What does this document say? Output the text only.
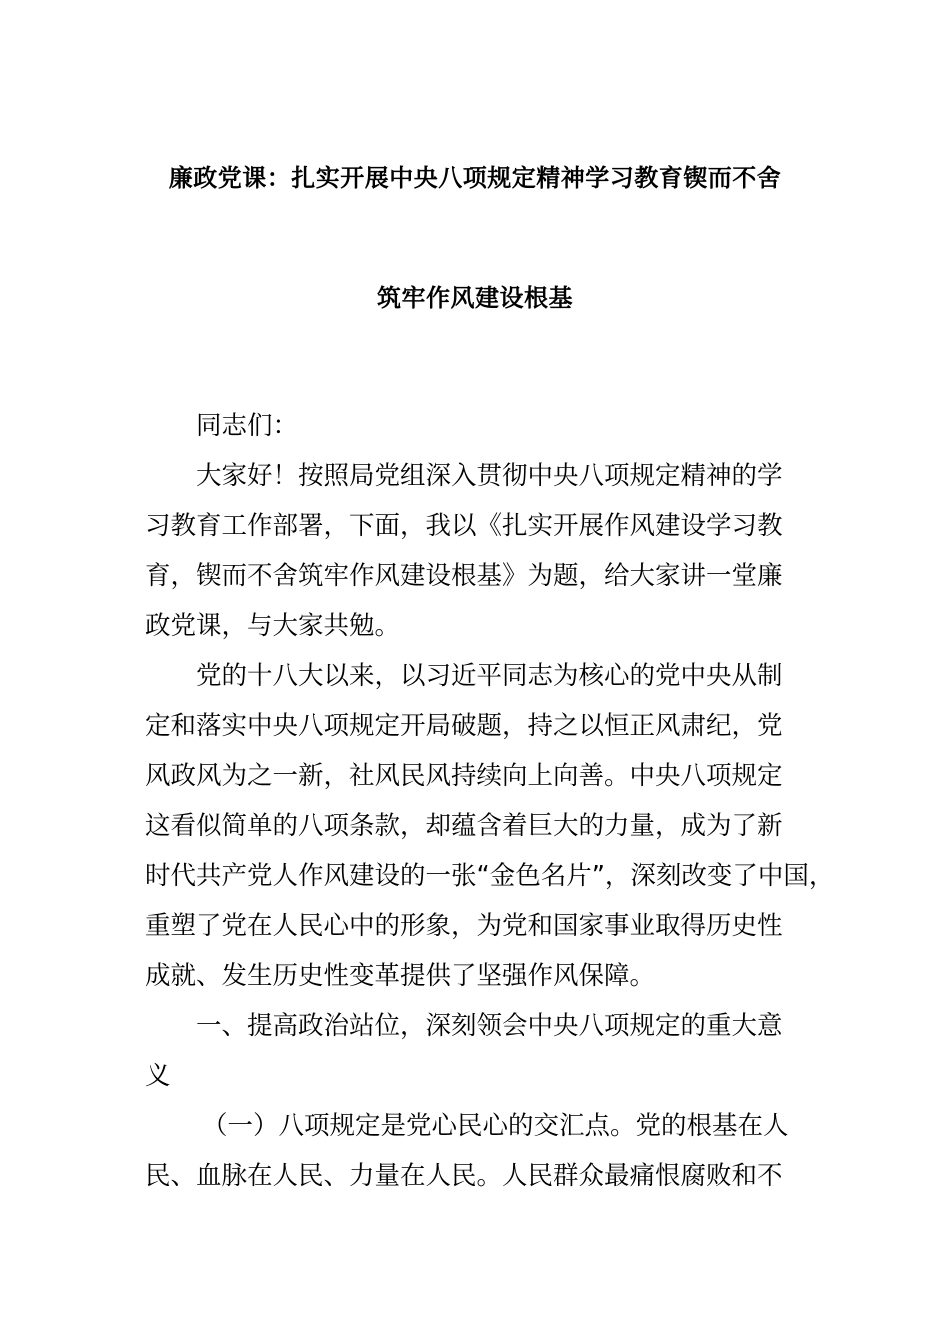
廉政党课：扎实开展中央八项规定精神学习教育锲而不舍
筑牢作风建设根基

同志们：

大家好！按照局党组深入贯彻中央八项规定精神的学
习教育工作部署，下面，我以《扎实开展作风建设学习教
育，锲而不舍筑牢作风建设根基》为题，给大家讲一堂廉
政党课，与大家共勉。

党的十八大以来，以习近平同志为核心的党中央从制
定和落实中央八项规定开局破题，持之以恒正风肃纪，党
风政风为之一新，社风民风持续向上向善。中央八项规定
这看似简单的八项条款，却蕴含着巨大的力量，成为了新
时代共产党人作风建设的一张“金色名片”，深刻改变了中国，
重塑了党在人民心中的形象，为党和国家事业取得历史性
成就、发生历史性变革提供了坚强作风保障。

一、提高政治站位，深刻领会中央八项规定的重大意
义

（一）八项规定是党心民心的交汇点。党的根基在人
民、血脉在人民、力量在人民。人民群众最痛恨腐败和不
